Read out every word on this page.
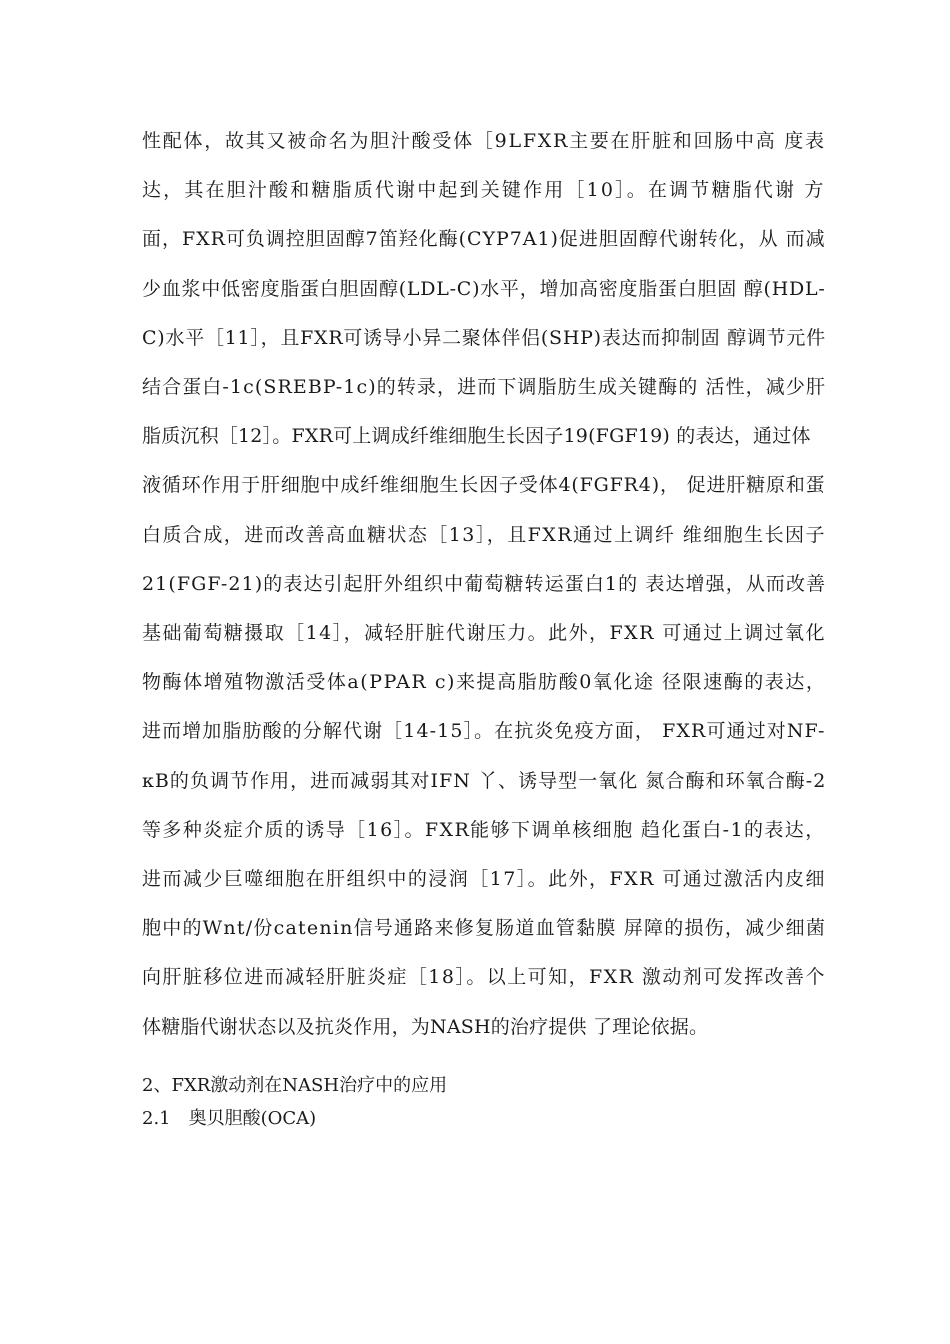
性配体，故其又被命名为胆汁酸受体［9LFXR主要在肝脏和回肠中高 度表
达，其在胆汁酸和糖脂质代谢中起到关键作用［10］。在调节糖脂代谢 方
面，FXR可负调控胆固醇7笛羟化酶(CYP7A1)促进胆固醇代谢转化，从 而减
少血浆中低密度脂蛋白胆固醇(LDL-C)水平，增加高密度脂蛋白胆固 醇(HDL-
C)水平［11］，且FXR可诱导小异二聚体伴侣(SHP)表达而抑制固 醇调节元件
结合蛋白-1c(SREBP-1c)的转录，进而下调脂肪生成关键酶的 活性，减少肝
脂质沉积［12］。FXR可上调成纤维细胞生长因子19(FGF19) 的表达，通过体
液循环作用于肝细胞中成纤维细胞生长因子受体4(FGFR4)， 促进肝糖原和蛋
白质合成，进而改善高血糖状态［13］，且FXR通过上调纤 维细胞生长因子
21(FGF-21)的表达引起肝外组织中葡萄糖转运蛋白1的 表达增强，从而改善
基础葡萄糖摄取［14］，减轻肝脏代谢压力。此外，FXR 可通过上调过氧化
物酶体增殖物激活受体a(PPAR c)来提高脂肪酸0氧化途 径限速酶的表达，
进而增加脂肪酸的分解代谢［14-15］。在抗炎免疫方面， FXR可通过对NF-
κB的负调节作用，进而减弱其对IFN 丫、诱导型一氧化 氮合酶和环氧合酶-2
等多种炎症介质的诱导［16］。FXR能够下调单核细胞 趋化蛋白-1的表达，
进而减少巨噬细胞在肝组织中的浸润［17］。此外，FXR 可通过激活内皮细
胞中的Wnt/份catenin信号通路来修复肠道血管黏膜 屏障的损伤，减少细菌
向肝脏移位进而减轻肝脏炎症［18］。以上可知，FXR 激动剂可发挥改善个
体糖脂代谢状态以及抗炎作用，为NASH的治疗提供 了理论依据。
2、FXR激动剂在NASH治疗中的应用
2.1　奥贝胆酸(OCA)
